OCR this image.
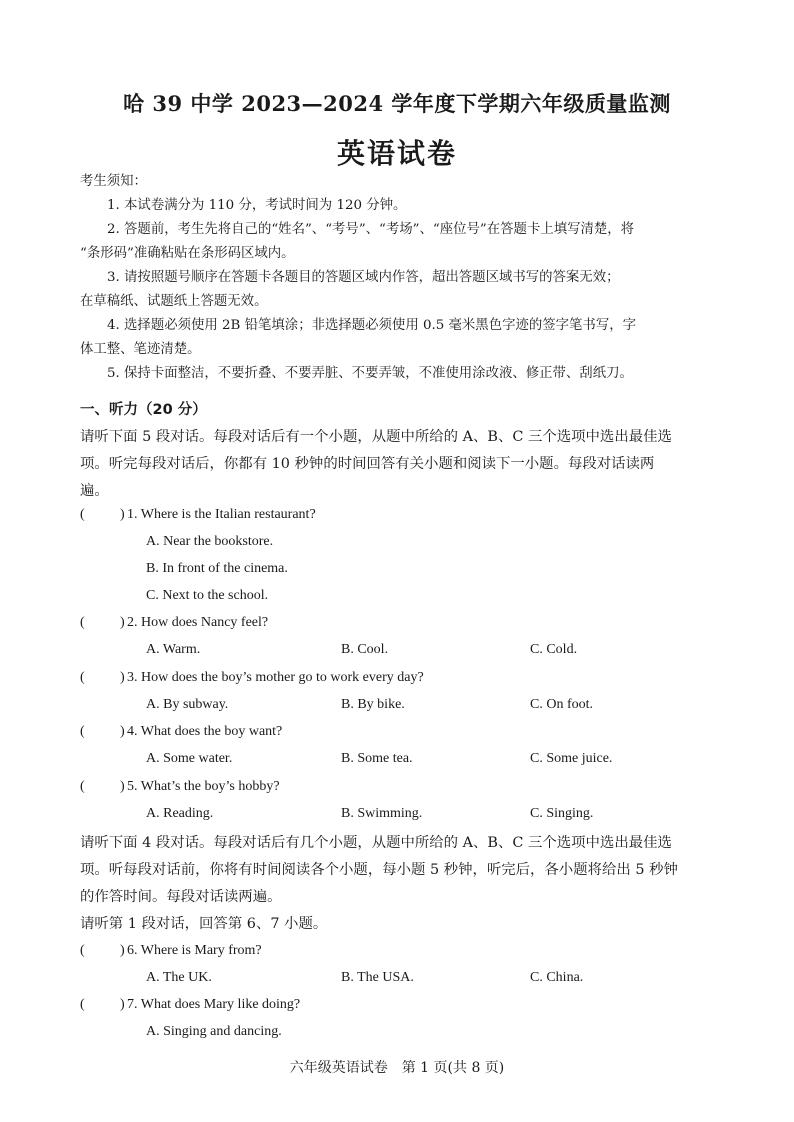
哈 39 中学 2023—2024 学年度下学期六年级质量监测
英语试卷

考生须知：

1. 本试卷满分为 110 分，考试时间为 120 分钟。

2. 答题前，考生先将自己的“姓名”、“考号”、“考场”、“座位号”在答题卡上填写清楚，将

“条形码”准确粘贴在条形码区域内。

3. 请按照题号顺序在答题卡各题目的答题区域内作答，超出答题区域书写的答案无效；

在草稿纸、试题纸上答题无效。

4. 选择题必须使用 2B 铅笔填涂；非选择题必须使用 0.5 毫米黑色字迹的签字笔书写，字

体工整、笔迹清楚。

5. 保持卡面整洁，不要折叠、不要弄脏、不要弄皱，不准使用涂改液、修正带、刮纸刀。

一、听力（20 分）
请听下面 5 段对话。每段对话后有一个小题，从题中所给的 A、B、C 三个选项中选出最佳选
项。听完每段对话后，你都有 10 秒钟的时间回答有关小题和阅读下一小题。每段对话读两
遍。
(	) 1. Where is the Italian restaurant?
A. Near the bookstore.
B. In front of the cinema.
C. Next to the school.
(	) 2. How does Nancy feel?
A. Warm.	B. Cool.	C. Cold.
(	) 3. How does the boy’s mother go to work every day?
A. By subway.	B. By bike.	C. On foot.
(	) 4. What does the boy want?
A. Some water.	B. Some tea.	C. Some juice.
(	) 5. What’s the boy’s hobby?
A. Reading.	B. Swimming.	C. Singing.
请听下面 4 段对话。每段对话后有几个小题，从题中所给的 A、B、C 三个选项中选出最佳选
项。听每段对话前，你将有时间阅读各个小题，每小题 5 秒钟，听完后，各小题将给出 5 秒钟
的作答时间。每段对话读两遍。
请听第 1 段对话，回答第 6、7 小题。
(	) 6. Where is Mary from?
A. The UK.	B. The USA.	C. China.
(	) 7. What does Mary like doing?
A. Singing and dancing.
六年级英语试卷　第 1 页(共 8 页)
